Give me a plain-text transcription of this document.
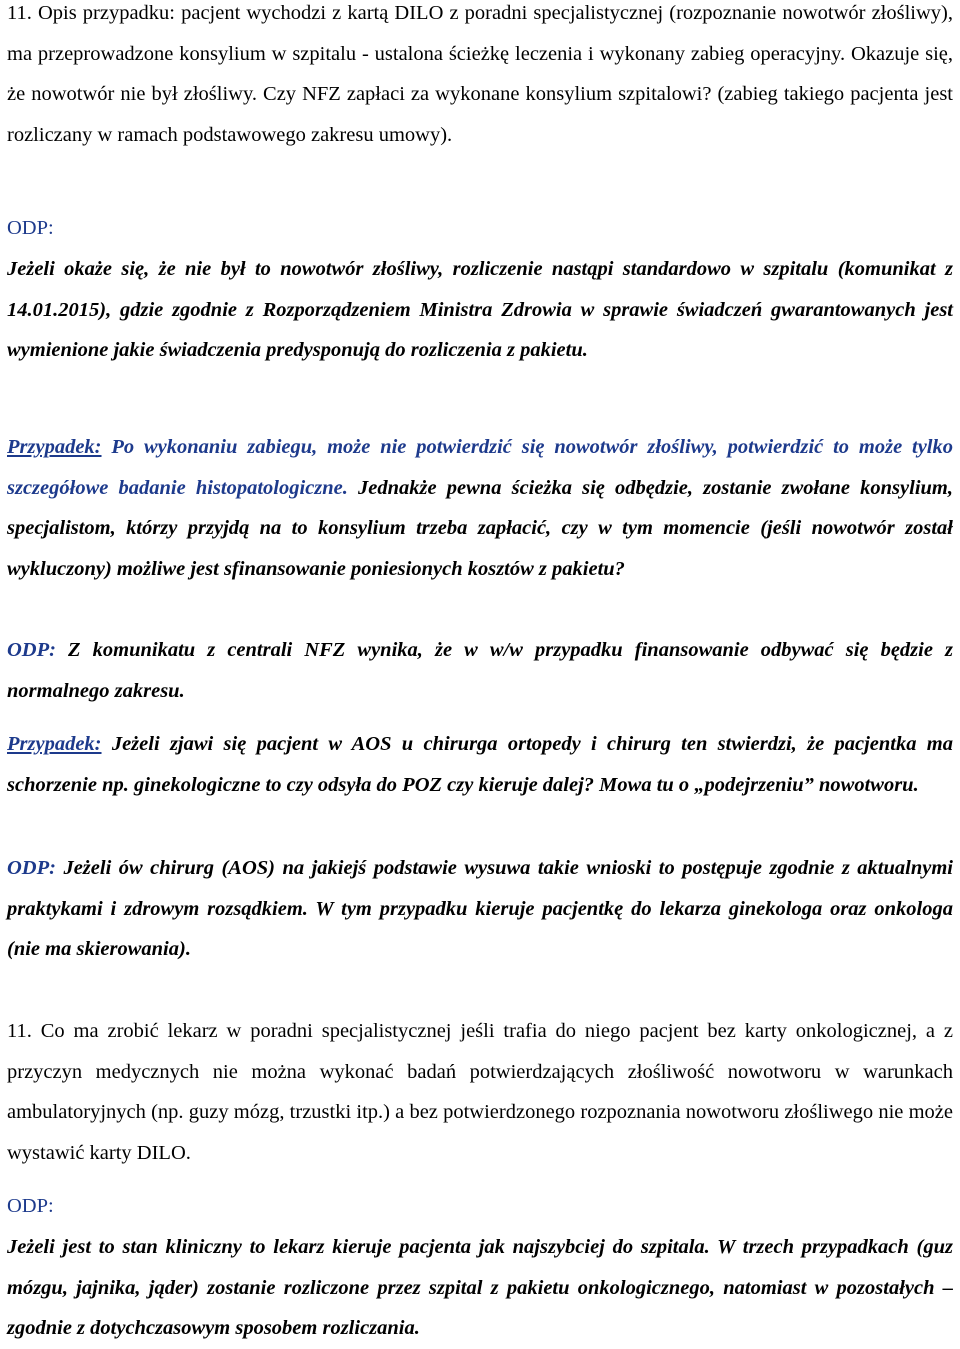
11. Opis przypadku: pacjent wychodzi z kartą DILO z poradni specjalistycznej (rozpoznanie nowotwór złośliwy), ma przeprowadzone konsylium w szpitalu - ustalona ścieżkę leczenia i wykonany zabieg operacyjny. Okazuje się, że nowotwór nie był złośliwy. Czy NFZ zapłaci za wykonane konsylium szpitalowi? (zabieg takiego pacjenta jest rozliczany w ramach podstawowego zakresu umowy).

ODP:

Jeżeli okaże się, że nie był to nowotwór złośliwy, rozliczenie nastąpi standardowo w szpitalu (komunikat z 14.01.2015), gdzie zgodnie z Rozporządzeniem Ministra Zdrowia w sprawie świadczeń gwarantowanych jest wymienione jakie świadczenia predysponują do rozliczenia z pakietu.

Przypadek: Po wykonaniu zabiegu, może nie potwierdzić się nowotwór złośliwy, potwierdzić to może tylko szczegółowe badanie histopatologiczne. Jednakże pewna ścieżka się odbędzie, zostanie zwołane konsylium, specjalistom, którzy przyjdą na to konsylium trzeba zapłacić, czy w tym momencie (jeśli nowotwór został wykluczony) możliwe jest sfinansowanie poniesionych kosztów z pakietu?

ODP: Z komunikatu z centrali NFZ wynika, że w w/w przypadku finansowanie odbywać się będzie z normalnego zakresu.

Przypadek: Jeżeli zjawi się pacjent w AOS u chirurga ortopedy i chirurg ten stwierdzi, że pacjentka ma schorzenie np. ginekologiczne to czy odsyła do POZ czy kieruje dalej? Mowa tu o „podejrzeniu” nowotworu.

ODP: Jeżeli ów chirurg (AOS) na jakiejś podstawie wysuwa takie wnioski to postępuje zgodnie z aktualnymi praktykami i zdrowym rozsądkiem. W tym przypadku kieruje pacjentkę do lekarza ginekologa oraz onkologa (nie ma skierowania).

11. Co ma zrobić lekarz w poradni specjalistycznej jeśli trafia do niego pacjent bez karty onkologicznej, a z przyczyn medycznych nie można wykonać badań potwierdzających złośliwość nowotworu w warunkach ambulatoryjnych (np. guzy mózg, trzustki itp.) a bez potwierdzonego rozpoznania nowotworu złośliwego nie może wystawić karty DILO.

ODP:

Jeżeli jest to stan kliniczny to lekarz kieruje pacjenta jak najszybciej do szpitala. W trzech przypadkach (guz mózgu, jajnika, jąder) zostanie rozliczone przez szpital z pakietu onkologicznego, natomiast w pozostałych – zgodnie z dotychczasowym sposobem rozliczania.
